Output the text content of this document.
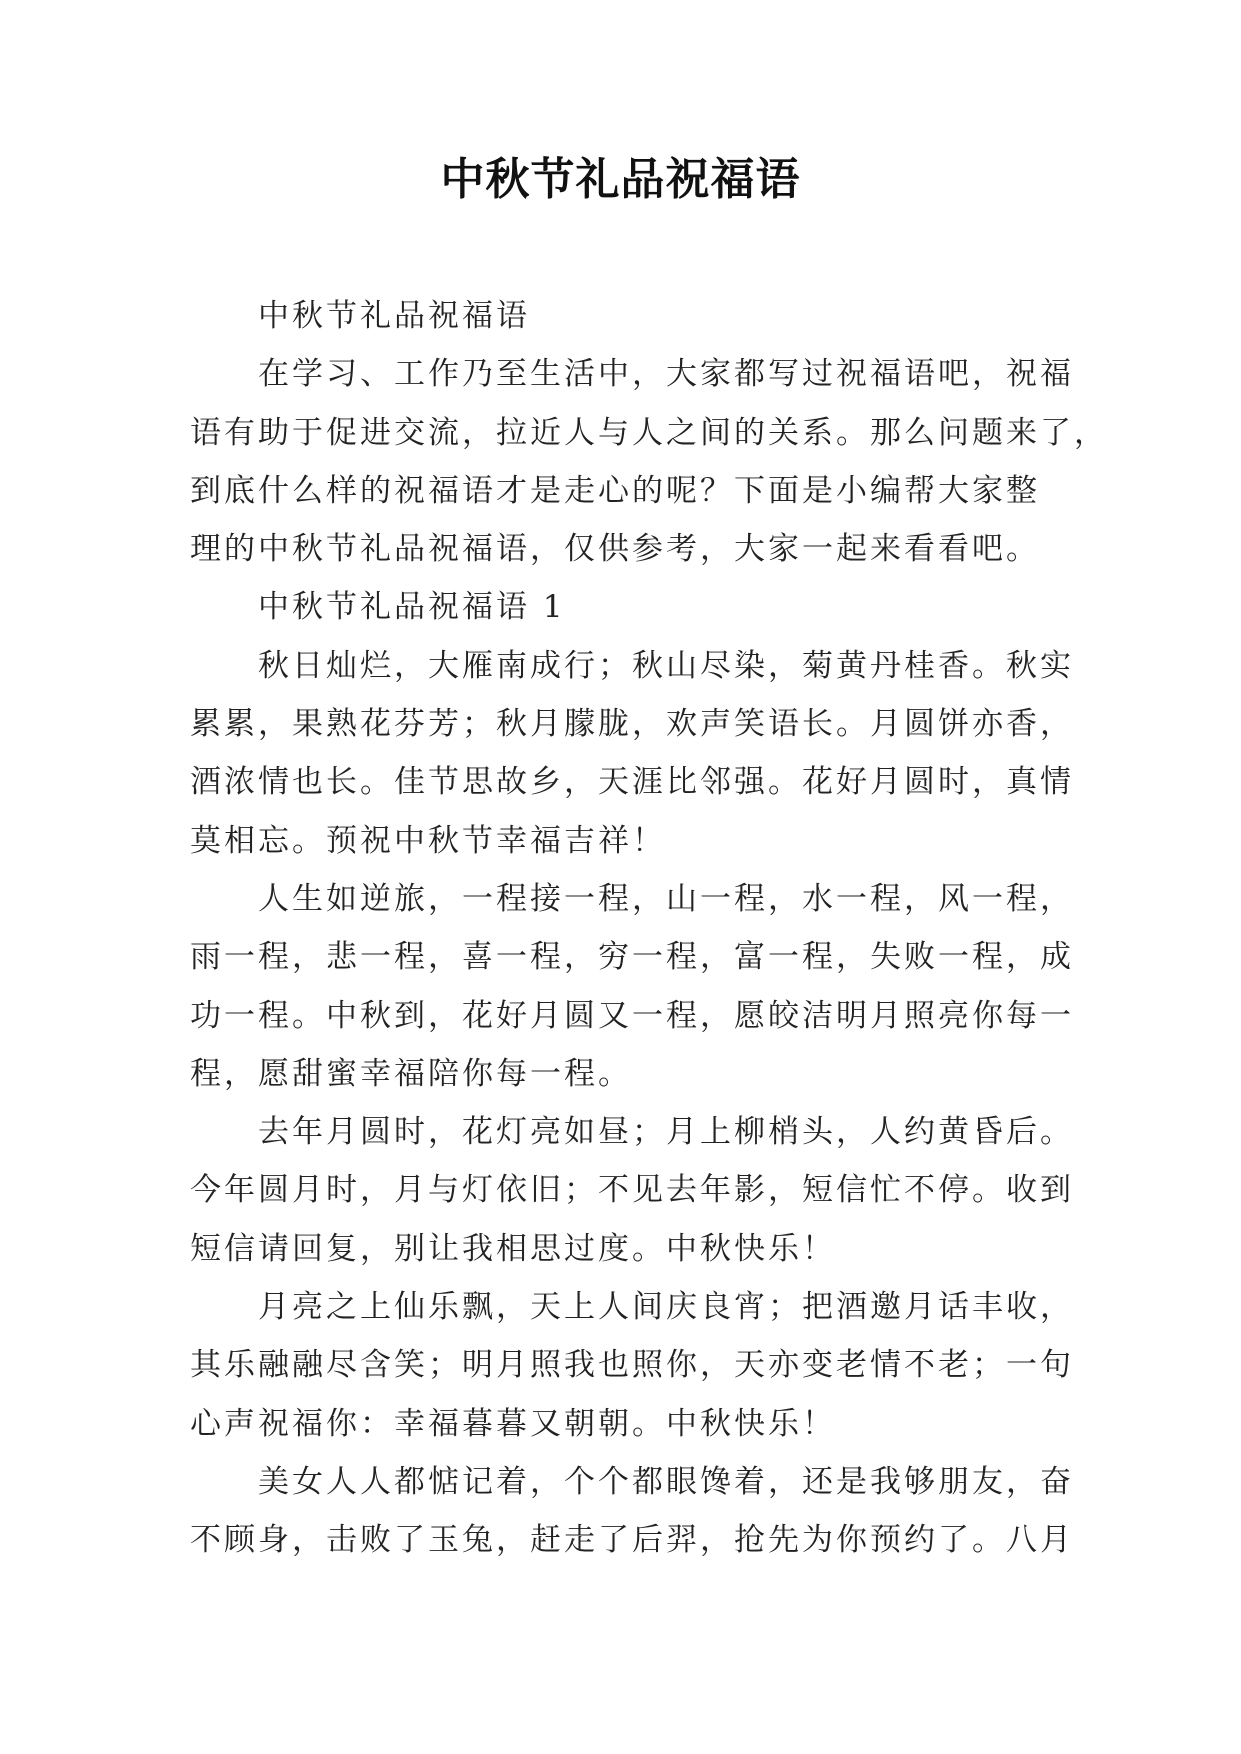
中秋节礼品祝福语
中秋节礼品祝福语
在学习、工作乃至生活中，大家都写过祝福语吧，祝福
语有助于促进交流，拉近人与人之间的关系。那么问题来了，
到底什么样的祝福语才是走心的呢？下面是小编帮大家整
理的中秋节礼品祝福语，仅供参考，大家一起来看看吧。
中秋节礼品祝福语 1
秋日灿烂，大雁南成行；秋山尽染，菊黄丹桂香。秋实
累累，果熟花芬芳；秋月朦胧，欢声笑语长。月圆饼亦香，
酒浓情也长。佳节思故乡，天涯比邻强。花好月圆时，真情
莫相忘。预祝中秋节幸福吉祥！
人生如逆旅，一程接一程，山一程，水一程，风一程，
雨一程，悲一程，喜一程，穷一程，富一程，失败一程，成
功一程。中秋到，花好月圆又一程，愿皎洁明月照亮你每一
程，愿甜蜜幸福陪你每一程。
去年月圆时，花灯亮如昼；月上柳梢头，人约黄昏后。
今年圆月时，月与灯依旧；不见去年影，短信忙不停。收到
短信请回复，别让我相思过度。中秋快乐！
月亮之上仙乐飘，天上人间庆良宵；把酒邀月话丰收，
其乐融融尽含笑；明月照我也照你，天亦变老情不老；一句
心声祝福你：幸福暮暮又朝朝。中秋快乐！
美女人人都惦记着，个个都眼馋着，还是我够朋友，奋
不顾身，击败了玉兔，赶走了后羿，抢先为你预约了。八月
